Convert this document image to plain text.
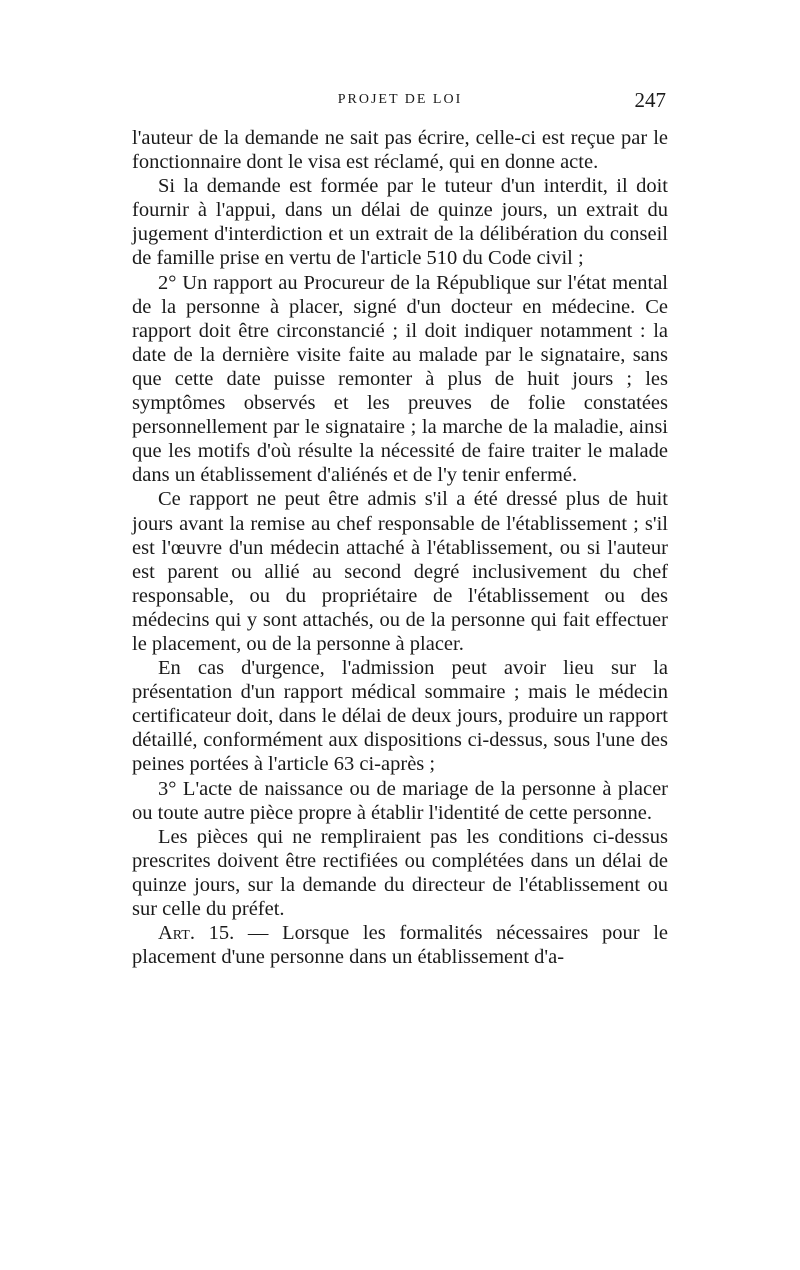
PROJET DE LOI	247

l'auteur de la demande ne sait pas écrire, celle-ci est reçue par le fonctionnaire dont le visa est réclamé, qui en donne acte.

Si la demande est formée par le tuteur d'un interdit, il doit fournir à l'appui, dans un délai de quinze jours, un extrait du jugement d'interdiction et un extrait de la délibération du conseil de famille prise en vertu de l'article 510 du Code civil ;

2° Un rapport au Procureur de la République sur l'état mental de la personne à placer, signé d'un docteur en médecine. Ce rapport doit être circonstancié ; il doit indiquer notamment : la date de la dernière visite faite au malade par le signataire, sans que cette date puisse remonter à plus de huit jours ; les symptômes observés et les preuves de folie constatées personnellement par le signataire ; la marche de la maladie, ainsi que les motifs d'où résulte la nécessité de faire traiter le malade dans un établissement d'aliénés et de l'y tenir enfermé.

Ce rapport ne peut être admis s'il a été dressé plus de huit jours avant la remise au chef responsable de l'établissement ; s'il est l'œuvre d'un médecin attaché à l'établissement, ou si l'auteur est parent ou allié au second degré inclusivement du chef responsable, ou du propriétaire de l'établissement ou des médecins qui y sont attachés, ou de la personne qui fait effectuer le placement, ou de la personne à placer.

En cas d'urgence, l'admission peut avoir lieu sur la présentation d'un rapport médical sommaire ; mais le médecin certificateur doit, dans le délai de deux jours, produire un rapport détaillé, conformément aux dispositions ci-dessus, sous l'une des peines portées à l'article 63 ci-après ;

3° L'acte de naissance ou de mariage de la personne à placer ou toute autre pièce propre à établir l'identité de cette personne.

Les pièces qui ne rempliraient pas les conditions ci-dessus prescrites doivent être rectifiées ou complétées dans un délai de quinze jours, sur la demande du directeur de l'établissement ou sur celle du préfet.

Art. 15. — Lorsque les formalités nécessaires pour le placement d'une personne dans un établissement d'a-
